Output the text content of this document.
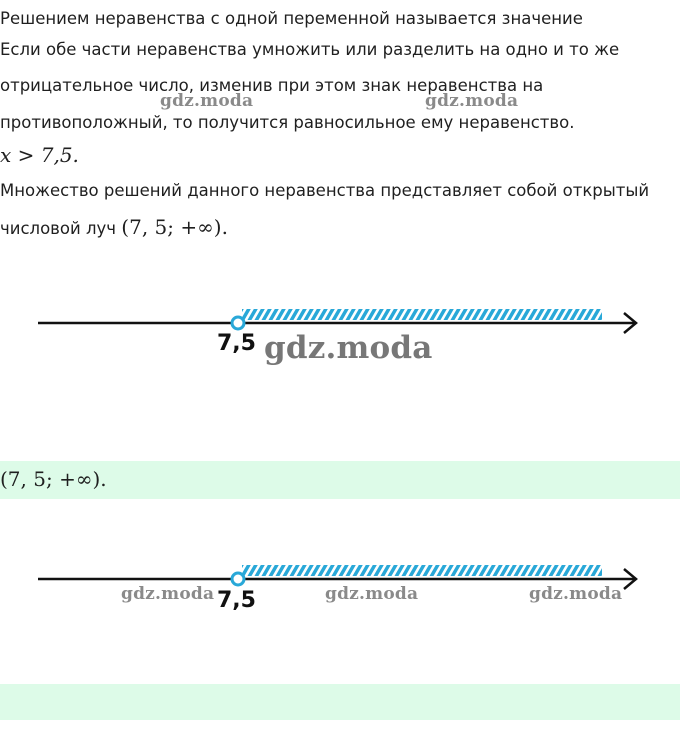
Решением неравенства с одной переменной называется значение
Если обе части неравенства умножить или разделить на одно и то же
отрицательное число, изменив при этом знак неравенства на
противоположный, то получится равносильное ему неравенство.
x > 7,5.
Множество решений данного неравенства представляет собой открытый
числовой луч (7, 5; +∞).
gdz.moda	gdz.moda
7,5 gdz.moda
(7, 5; +∞).
7,5
gdz.moda	gdz.moda	gdz.moda
